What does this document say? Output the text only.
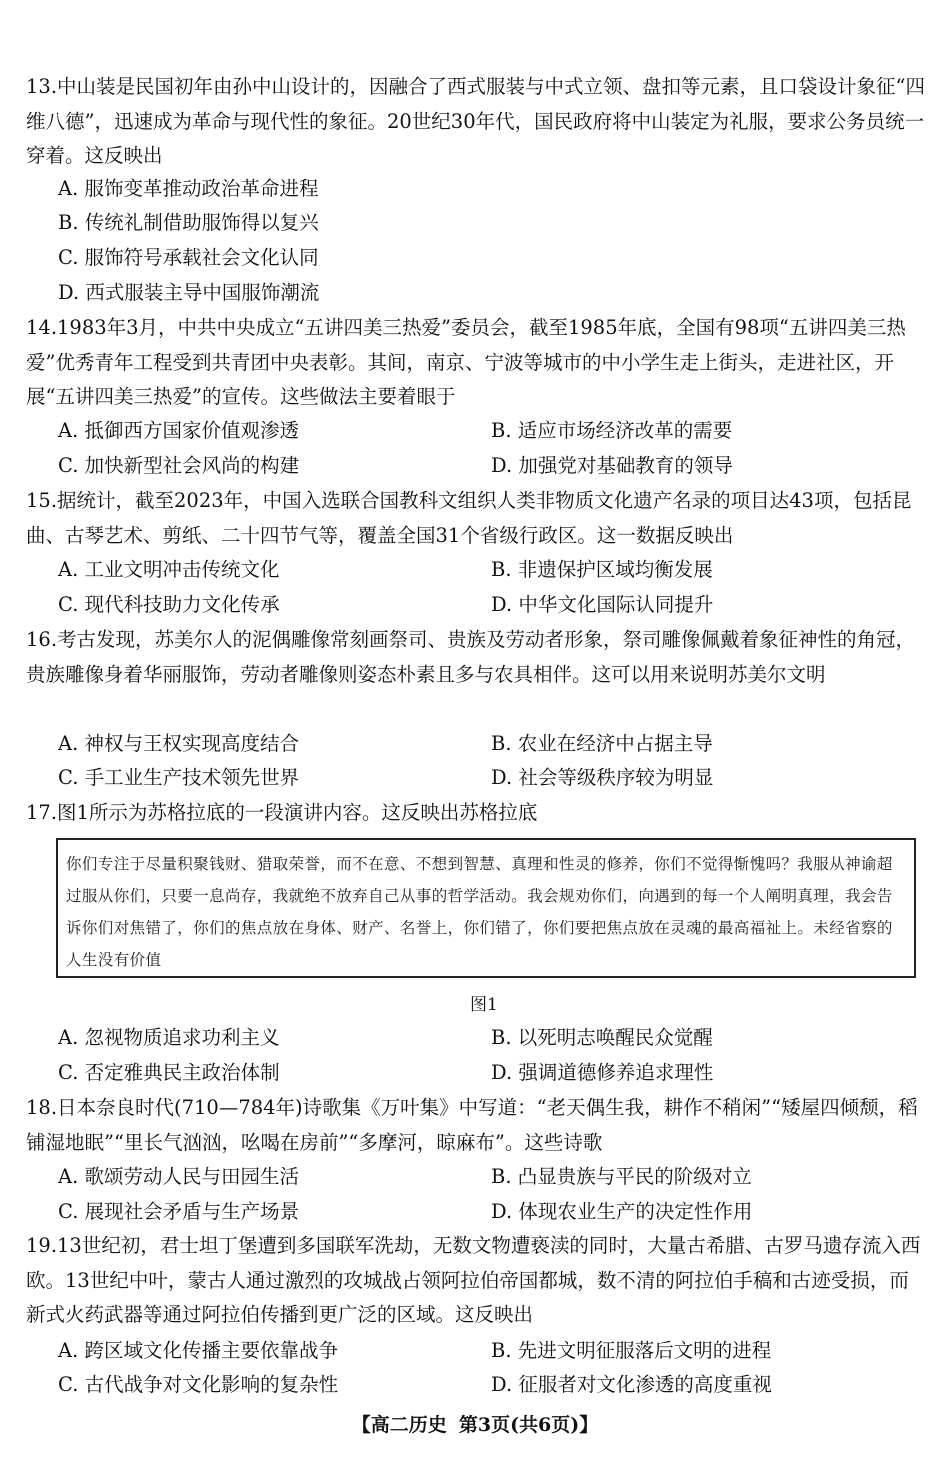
13.中山装是民国初年由孙中山设计的，因融合了西式服装与中式立领、盘扣等元素，且口袋设计象征“四维八德”，迅速成为革命与现代性的象征。20世纪30年代，国民政府将中山装定为礼服，要求公务员统一穿着。这反映出
A. 服饰变革推动政治革命进程
B. 传统礼制借助服饰得以复兴
C. 服饰符号承载社会文化认同
D. 西式服装主导中国服饰潮流
14.1983年3月，中共中央成立“五讲四美三热爱”委员会，截至1985年底，全国有98项“五讲四美三热爱”优秀青年工程受到共青团中央表彰。其间，南京、宁波等城市的中小学生走上街头，走进社区，开展“五讲四美三热爱”的宣传。这些做法主要着眼于
A. 抵御西方国家价值观渗透	B. 适应市场经济改革的需要
C. 加快新型社会风尚的构建	D. 加强党对基础教育的领导
15.据统计，截至2023年，中国入选联合国教科文组织人类非物质文化遗产名录的项目达43项，包括昆曲、古琴艺术、剪纸、二十四节气等，覆盖全国31个省级行政区。这一数据反映出
A. 工业文明冲击传统文化	B. 非遗保护区域均衡发展
C. 现代科技助力文化传承	D. 中华文化国际认同提升
16.考古发现，苏美尔人的泥偶雕像常刻画祭司、贵族及劳动者形象，祭司雕像佩戴着象征神性的角冠，贵族雕像身着华丽服饰，劳动者雕像则姿态朴素且多与农具相伴。这可以用来说明苏美尔文明
A. 神权与王权实现高度结合	B. 农业在经济中占据主导
C. 手工业生产技术领先世界	D. 社会等级秩序较为明显
17.图1所示为苏格拉底的一段演讲内容。这反映出苏格拉底
你们专注于尽量积聚钱财、猎取荣誉，而不在意、不想到智慧、真理和性灵的修养，你们不觉得惭愧吗？我服从神谕超过服从你们，只要一息尚存，我就绝不放弃自己从事的哲学活动。我会规劝你们，向遇到的每一个人阐明真理，我会告诉你们对焦错了，你们的焦点放在身体、财产、名誉上，你们错了，你们要把焦点放在灵魂的最高福祉上。未经省察的人生没有价值
图1
A. 忽视物质追求功利主义	B. 以死明志唤醒民众觉醒
C. 否定雅典民主政治体制	D. 强调道德修养追求理性
18.日本奈良时代(710—784年)诗歌集《万叶集》中写道：“老天偶生我，耕作不稍闲”“矮屋四倾颓，稻铺湿地眠”“里长气汹汹，吆喝在房前”“多摩河，晾麻布”。这些诗歌
A. 歌颂劳动人民与田园生活	B. 凸显贵族与平民的阶级对立
C. 展现社会矛盾与生产场景	D. 体现农业生产的决定性作用
19.13世纪初，君士坦丁堡遭到多国联军洗劫，无数文物遭亵渎的同时，大量古希腊、古罗马遗存流入西欧。13世纪中叶，蒙古人通过激烈的攻城战占领阿拉伯帝国都城，数不清的阿拉伯手稿和古迹受损，而新式火药武器等通过阿拉伯传播到更广泛的区域。这反映出
A. 跨区域文化传播主要依靠战争	B. 先进文明征服落后文明的进程
C. 古代战争对文化影响的复杂性	D. 征服者对文化渗透的高度重视
【高二历史 第3页(共6页)】
